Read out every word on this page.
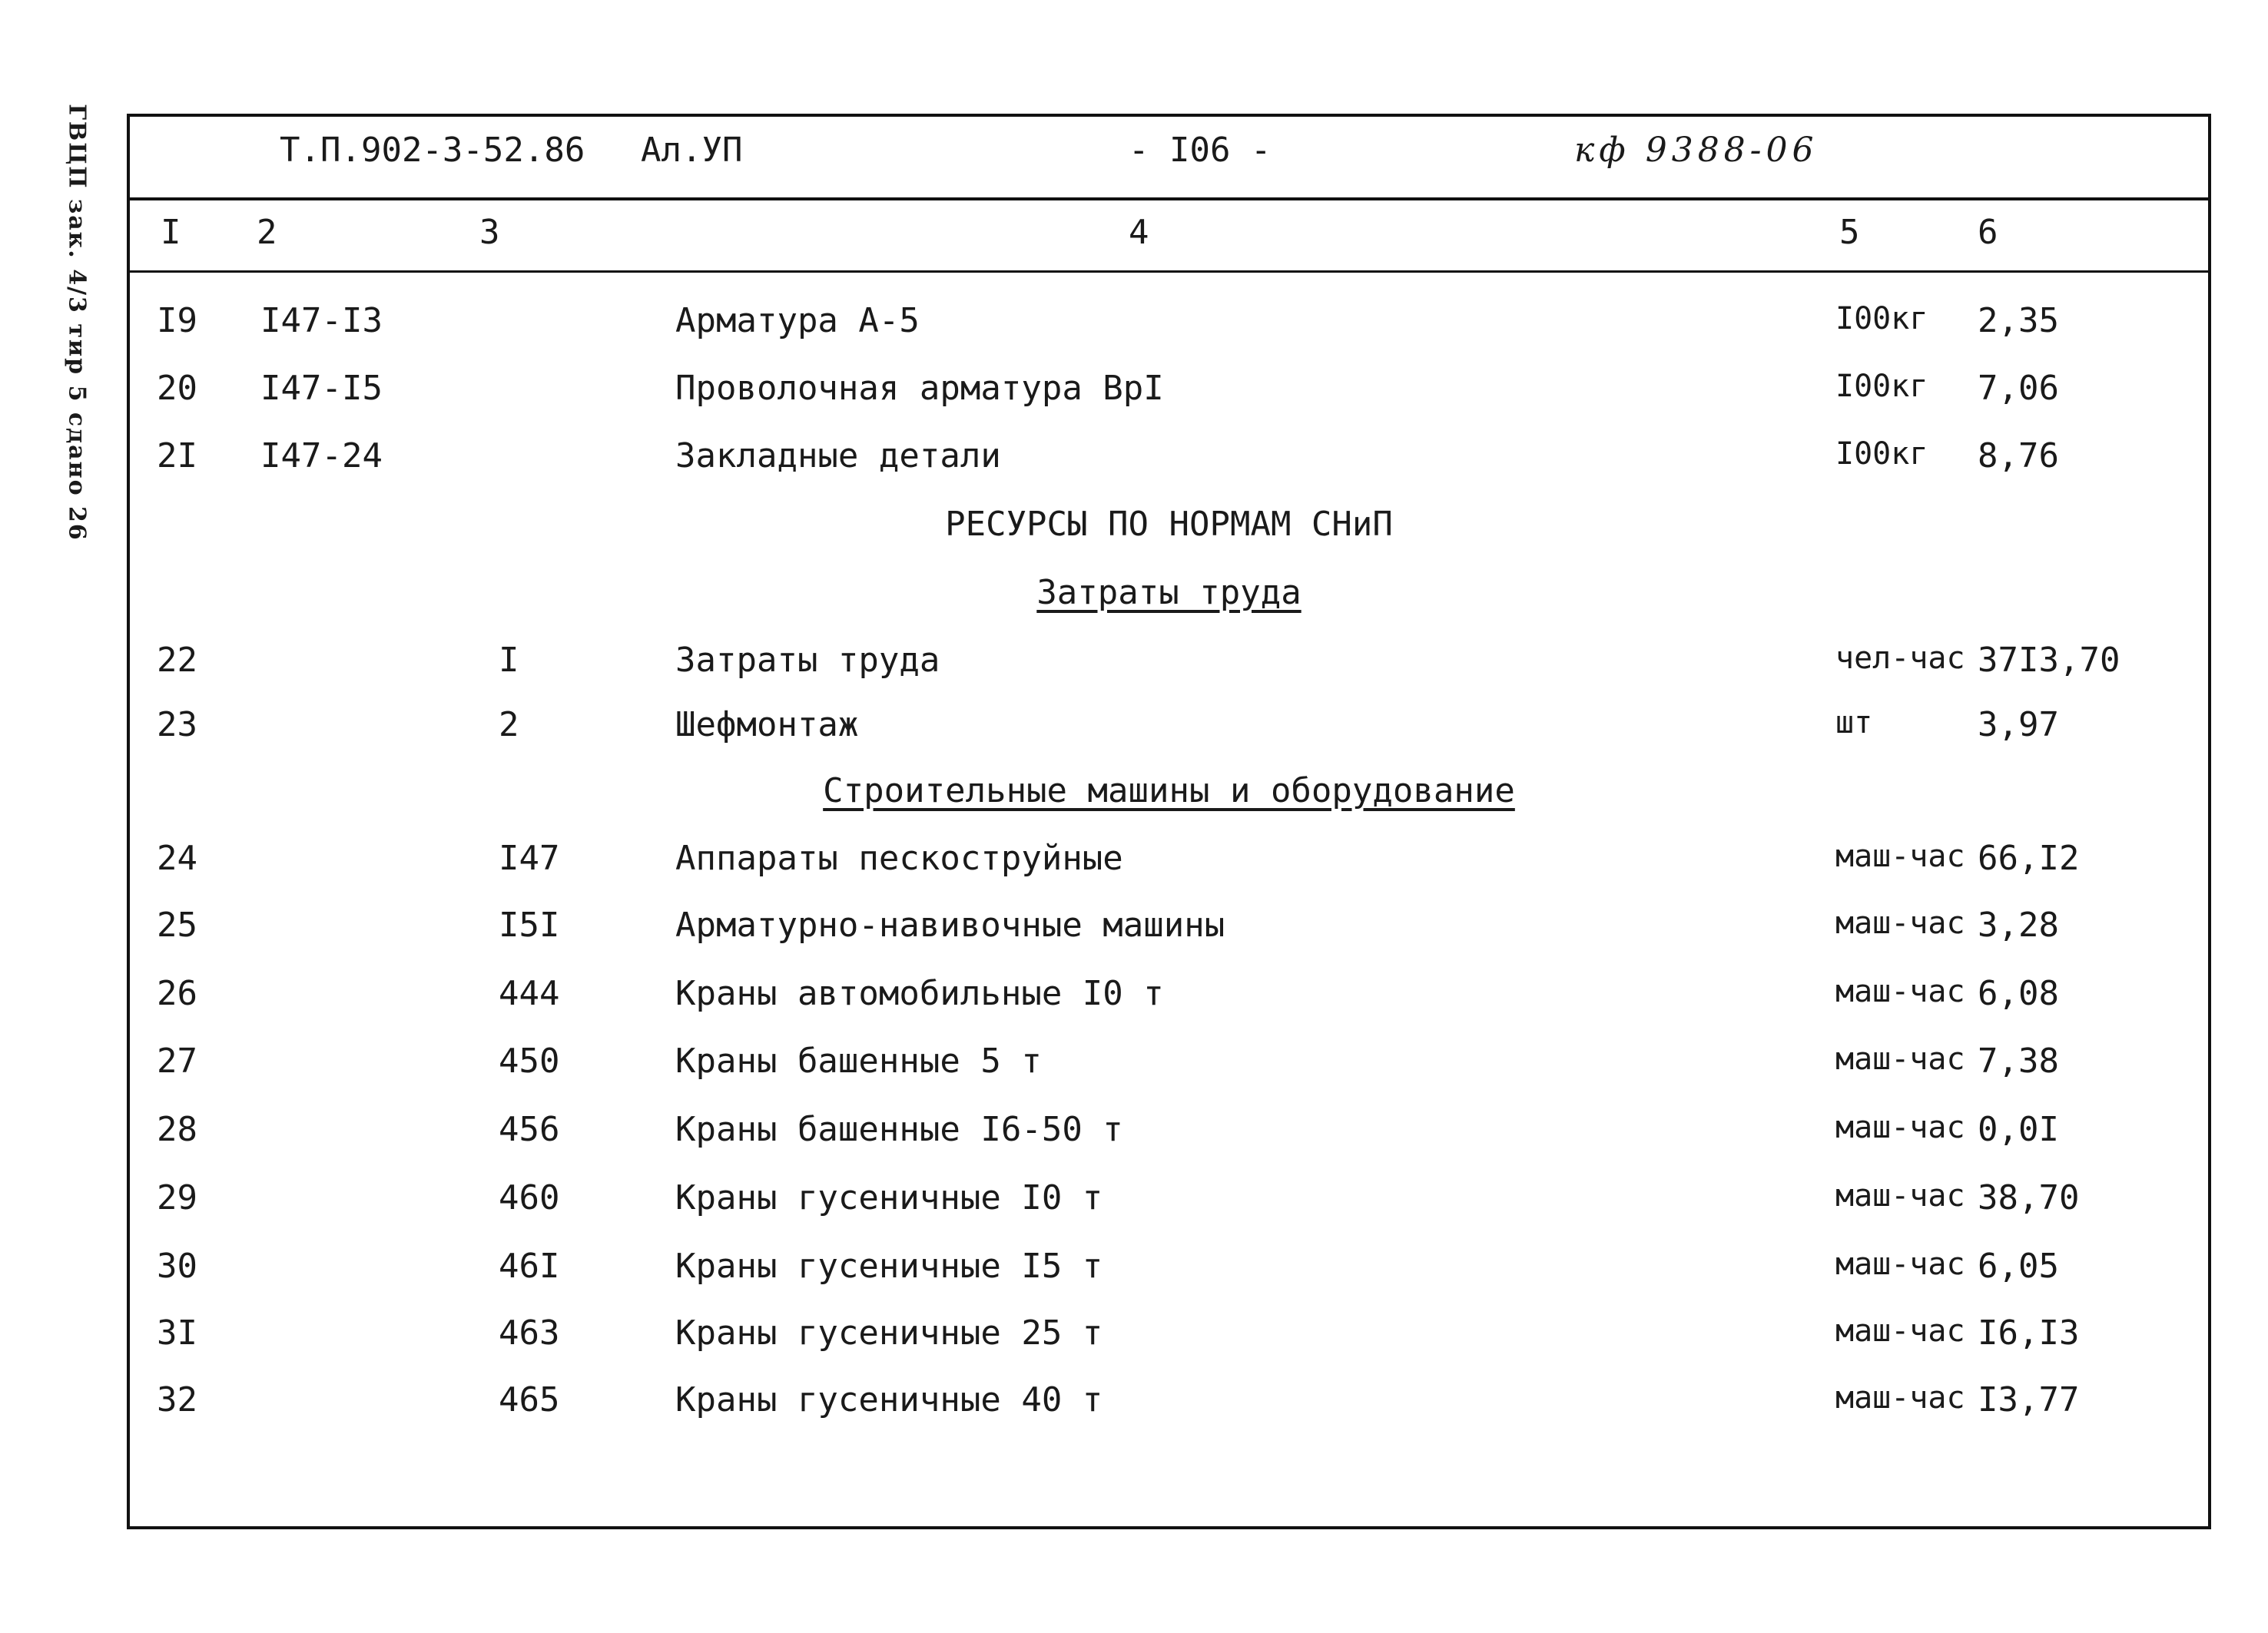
ГВЦП зак. 4/3 тир 5 сдано 26	Т.П.902-3-52.86 Ал.УП	- I06 -	кф 9388-06
I 2	3	4	5	6
I9 I47-I3	Арматура А-5	I00кг 2,35
20 I47-I5	Проволочная арматура ВрI	I00кг 7,06
2I I47-24	Закладные детали	I00кг 8,76
РЕСУРСЫ ПО НОРМАМ СНиП
Затраты труда
22	I	Затраты труда	чел-час 37I3,70
23	2	Шефмонтаж	шт	3,97
Строительные машины и оборудование
24	I47	Аппараты пескоструйные	маш-час 66,I2
25	I5I	Арматурно-навивочные машины	маш-час 3,28
26	444	Краны автомобильные I0 т	маш-час 6,08
27	450	Краны башенные 5 т	маш-час 7,38
28	456	Краны башенные I6-50 т	маш-час 0,0I
29	460	Краны гусеничные I0 т	маш-час 38,70
30	46I	Краны гусеничные I5 т	маш-час 6,05
3I	463	Краны гусеничные 25 т	маш-час I6,I3
32	465	Краны гусеничные 40 т	маш-час I3,77
